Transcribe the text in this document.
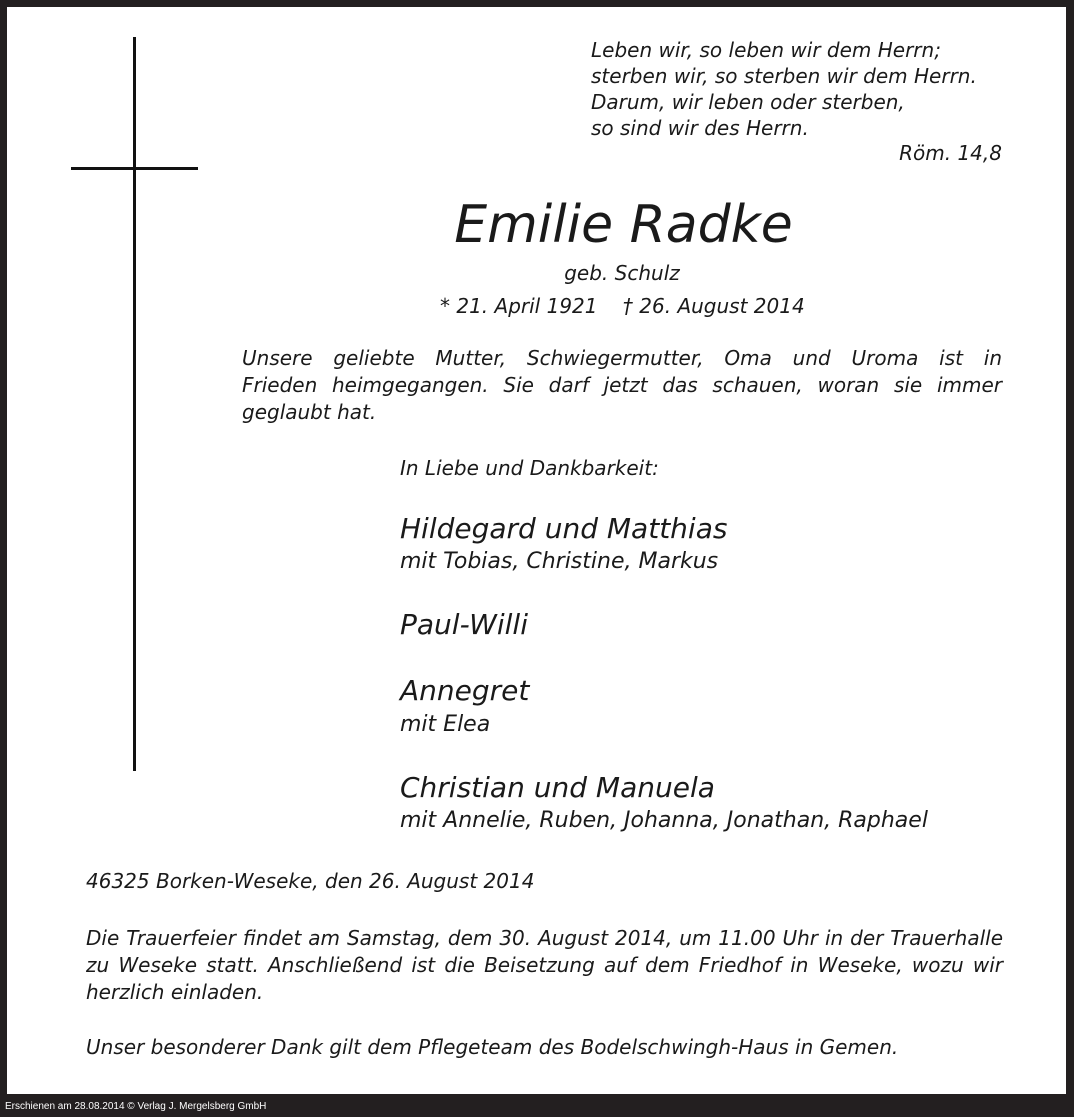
Leben wir, so leben wir dem Herrn;
sterben wir, so sterben wir dem Herrn.
Darum, wir leben oder sterben,
so sind wir des Herrn.
Röm. 14,8
Emilie Radke
geb. Schulz
* 21. April 1921    † 26. August 2014
Unsere geliebte Mutter, Schwiegermutter, Oma und Uroma ist in
Frieden heimgegangen. Sie darf jetzt das schauen, woran sie immer
geglaubt hat.
In Liebe und Dankbarkeit:
Hildegard und Matthias
mit Tobias, Christine, Markus
Paul-Willi
Annegret
mit Elea
Christian und Manuela
mit Annelie, Ruben, Johanna, Jonathan, Raphael
46325 Borken-Weseke, den 26. August 2014
Die Trauerfeier findet am Samstag, dem 30. August 2014, um 11.00 Uhr in der Trauerhalle
zu Weseke statt. Anschließend ist die Beisetzung auf dem Friedhof in Weseke, wozu wir
herzlich einladen.
Unser besonderer Dank gilt dem Pflegeteam des Bodelschwingh-Haus in Gemen.
Erschienen am 28.08.2014 © Verlag J. Mergelsberg GmbH
